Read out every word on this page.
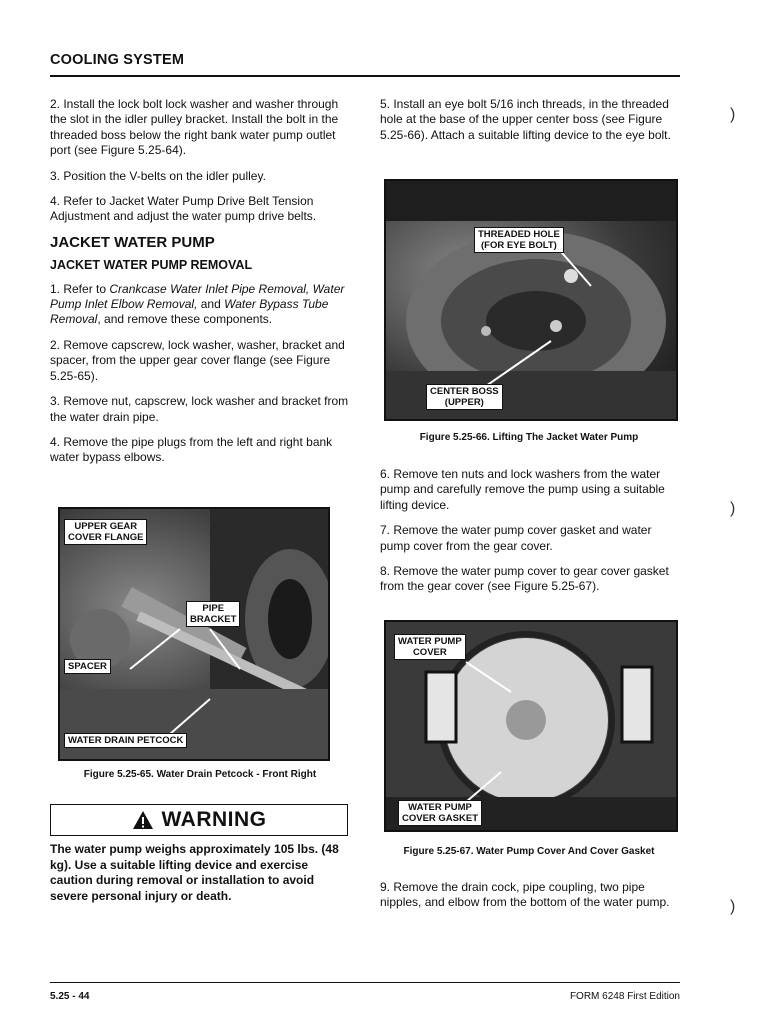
COOLING SYSTEM

2. Install the lock bolt lock washer and washer through the slot in the idler pulley bracket. Install the bolt in the threaded boss below the right bank water pump outlet port (see Figure 5.25-64).

3. Position the V-belts on the idler pulley.

4. Refer to Jacket Water Pump Drive Belt Tension Adjustment and adjust the water pump drive belts.

JACKET WATER PUMP
JACKET WATER PUMP REMOVAL

1. Refer to Crankcase Water Inlet Pipe Removal, Water Pump Inlet Elbow Removal, and Water Bypass Tube Removal, and remove these components.

2. Remove capscrew, lock washer, washer, bracket and spacer, from the upper gear cover flange (see Figure 5.25-65).

3. Remove nut, capscrew, lock washer and bracket from the water drain pipe.

4. Remove the pipe plugs from the left and right bank water bypass elbows.

UPPER GEAR
COVER FLANGE
PIPE
BRACKET
SPACER
WATER DRAIN PETCOCK
Figure 5.25-65. Water Drain Petcock - Front Right
WARNING
The water pump weighs approximately 105 lbs. (48 kg). Use a suitable lifting device and exercise caution during removal or installation to avoid severe personal injury or death.

5. Install an eye bolt 5/16 inch threads, in the threaded hole at the base of the upper center boss (see Figure 5.25-66). Attach a suitable lifting device to the eye bolt.

THREADED HOLE
(FOR EYE BOLT)
CENTER BOSS
(UPPER)
Figure 5.25-66. Lifting The Jacket Water Pump

6. Remove ten nuts and lock washers from the water pump and carefully remove the pump using a suitable lifting device.

7. Remove the water pump cover gasket and water pump cover from the gear cover.

8. Remove the water pump cover to gear cover gasket from the gear cover (see Figure 5.25-67).

WATER PUMP
COVER
WATER PUMP
COVER GASKET
Figure 5.25-67. Water Pump Cover And Cover Gasket

9. Remove the drain cock, pipe coupling, two pipe nipples, and elbow from the bottom of the water pump.

)
)
)
5.25 - 44	FORM 6248 First Edition
